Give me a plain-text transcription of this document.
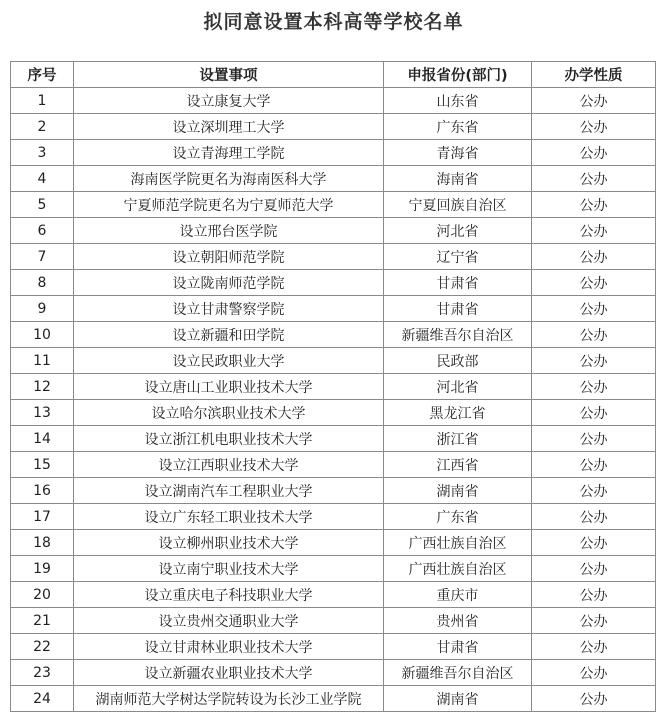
拟同意设置本科高等学校名单
序号	设置事项	申报省份(部门)	办学性质
1	设立康复大学	山东省	公办
2	设立深圳理工大学	广东省	公办
3	设立青海理工学院	青海省	公办
4	海南医学院更名为海南医科大学	海南省	公办
5	宁夏师范学院更名为宁夏师范大学	宁夏回族自治区	公办
6	设立邢台医学院	河北省	公办
7	设立朝阳师范学院	辽宁省	公办
8	设立陇南师范学院	甘肃省	公办
9	设立甘肃警察学院	甘肃省	公办
10	设立新疆和田学院	新疆维吾尔自治区	公办
11	设立民政职业大学	民政部	公办
12	设立唐山工业职业技术大学	河北省	公办
13	设立哈尔滨职业技术大学	黑龙江省	公办
14	设立浙江机电职业技术大学	浙江省	公办
15	设立江西职业技术大学	江西省	公办
16	设立湖南汽车工程职业大学	湖南省	公办
17	设立广东轻工职业技术大学	广东省	公办
18	设立柳州职业技术大学	广西壮族自治区	公办
19	设立南宁职业技术大学	广西壮族自治区	公办
20	设立重庆电子科技职业大学	重庆市	公办
21	设立贵州交通职业大学	贵州省	公办
22	设立甘肃林业职业技术大学	甘肃省	公办
23	设立新疆农业职业技术大学	新疆维吾尔自治区	公办
24	湖南师范大学树达学院转设为长沙工业学院	湖南省	公办
